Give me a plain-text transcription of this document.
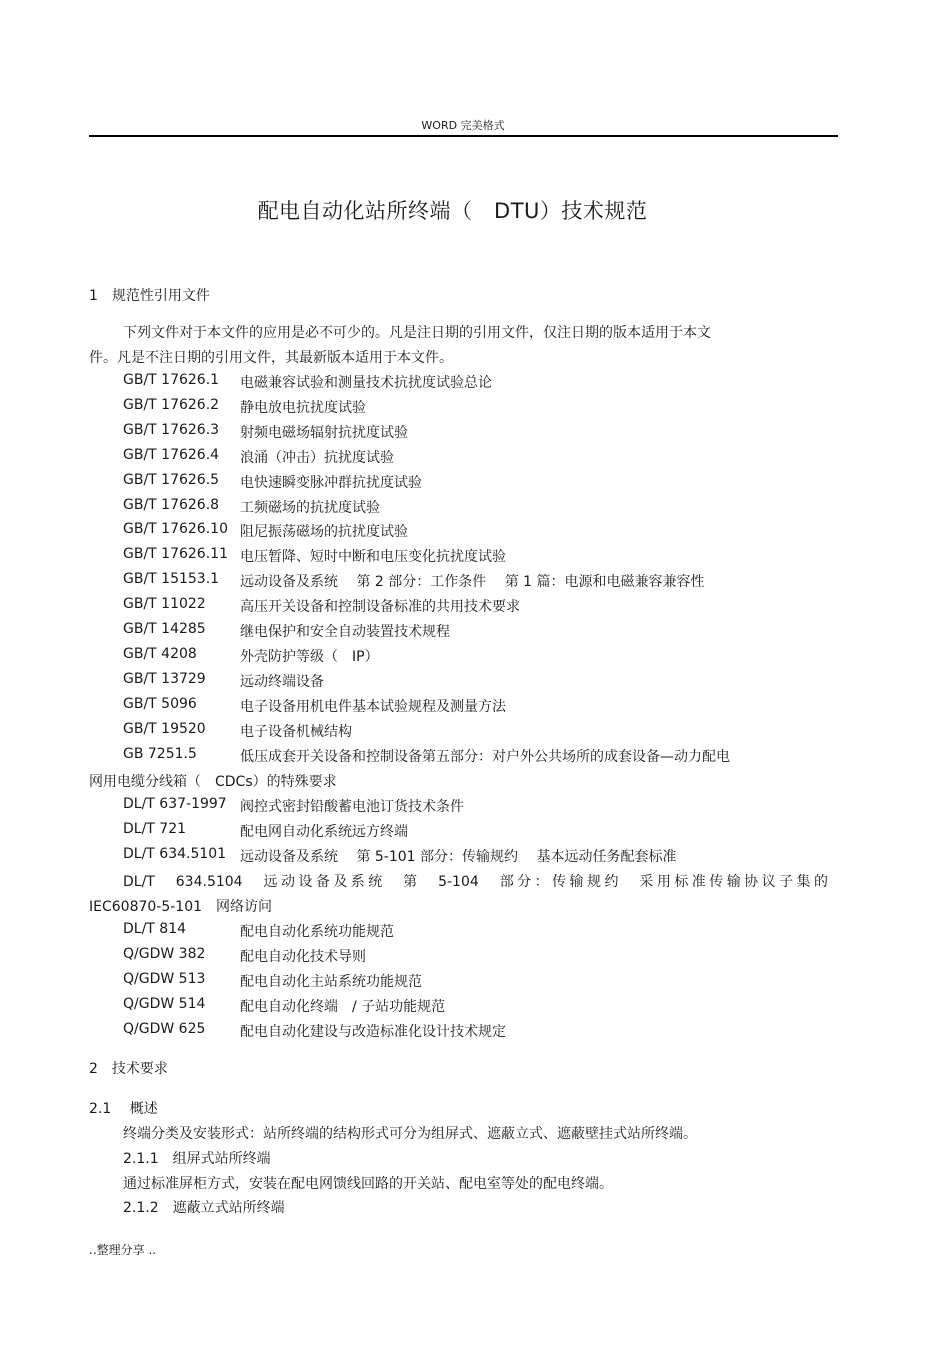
WORD 完美格式
配电自动化站所终端（　DTU）技术规范
1　规范性引用文件
下列文件对于本文件的应用是必不可少的。凡是注日期的引用文件，仅注日期的版本适用于本文
件。凡是不注日期的引用文件，其最新版本适用于本文件。
GB/T 17626.1 电磁兼容试验和测量技术抗扰度试验总论
GB/T 17626.2 静电放电抗扰度试验
GB/T 17626.3 射频电磁场辐射抗扰度试验
GB/T 17626.4 浪涌（冲击）抗扰度试验
GB/T 17626.5 电快速瞬变脉冲群抗扰度试验
GB/T 17626.8 工频磁场的抗扰度试验
GB/T 17626.10 阻尼振荡磁场的抗扰度试验
GB/T 17626.11 电压暂降、短时中断和电压变化抗扰度试验
GB/T 15153.1 远动设备及系统　 第 2 部分：工作条件　 第 1 篇：电源和电磁兼容兼容性
GB/T 11022 高压开关设备和控制设备标准的共用技术要求
GB/T 14285 继电保护和安全自动装置技术规程
GB/T 4208	外壳防护等级（　IP）
GB/T 13729 远动终端设备
GB/T 5096	电子设备用机电件基本试验规程及测量方法
GB/T 19520 电子设备机械结构
GB 7251.5	低压成套开关设备和控制设备第五部分：对户外公共场所的成套设备—动力配电
网用电缆分线箱（　CDCs）的特殊要求
DL/T 637-1997 阀控式密封铅酸蓄电池订货技术条件
DL/T 721	配电网自动化系统远方终端
DL/T 634.5101 远动设备及系统　 第 5-101 部分：传输规约　 基本远动任务配套标准
DL/T　634.5104　远动设备及系统　第　5-104　部分：传输规约　采用标准传输协议子集的
IEC60870-5-101　网络访问
DL/T 814	配电自动化系统功能规范
Q/GDW 382 配电自动化技术导则
Q/GDW 513 配电自动化主站系统功能规范
Q/GDW 514 配电自动化终端　/ 子站功能规范
Q/GDW 625 配电自动化建设与改造标准化设计技术规定
2　技术要求
2.1　 概述
终端分类及安装形式：站所终端的结构形式可分为组屏式、遮蔽立式、遮蔽壁挂式站所终端。
2.1.1　组屏式站所终端
通过标准屏柜方式，安装在配电网馈线回路的开关站、配电室等处的配电终端。
2.1.2　遮蔽立式站所终端
..整理分享 ..
